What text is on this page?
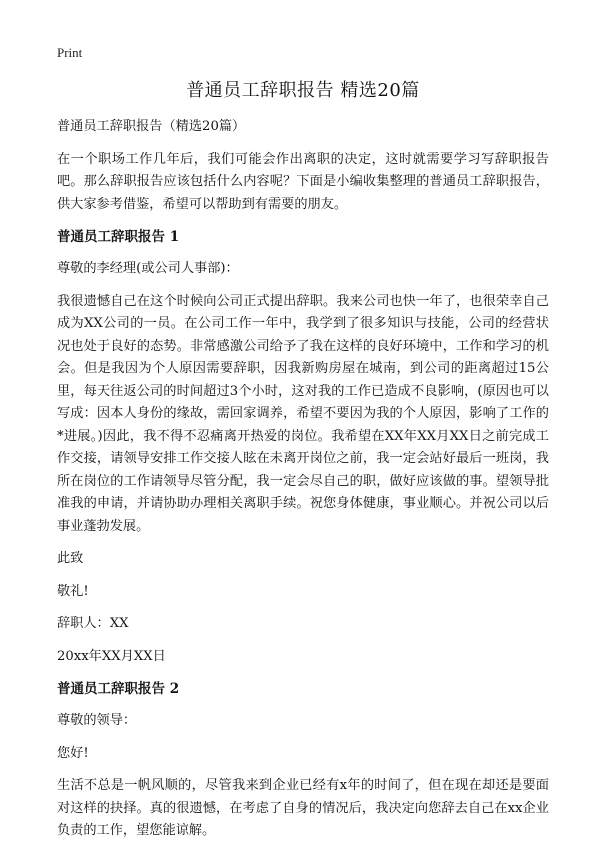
Print
普通员工辞职报告 精选20篇

普通员工辞职报告（精选20篇）

在一个职场工作几年后，我们可能会作出离职的决定，这时就需要学习写辞职报告吧。那么辞职报告应该包括什么内容呢？下面是小编收集整理的普通员工辞职报告，供大家参考借鉴，希望可以帮助到有需要的朋友。

普通员工辞职报告 1

尊敬的李经理(或公司人事部)：

我很遗憾自己在这个时候向公司正式提出辞职。我来公司也快一年了，也很荣幸自己成为XX公司的一员。在公司工作一年中，我学到了很多知识与技能，公司的经营状况也处于良好的态势。非常感激公司给予了我在这样的良好环境中，工作和学习的机会。但是我因为个人原因需要辞职，因我新购房屋在城南，到公司的距离超过15公里，每天往返公司的时间超过3个小时，这对我的工作已造成不良影响，(原因也可以写成：因本人身份的缘故，需回家调养，希望不要因为我的个人原因，影响了工作的*进展。)因此，我不得不忍痛离开热爱的岗位。我希望在XX年XX月XX日之前完成工作交接，请领导安排工作交接人眩在未离开岗位之前，我一定会站好最后一班岗，我所在岗位的工作请领导尽管分配，我一定会尽自己的职，做好应该做的事。望领导批准我的申请，并请协助办理相关离职手续。祝您身体健康，事业顺心。并祝公司以后事业蓬勃发展。

此致

敬礼!

辞职人：XX

20xx年XX月XX日

普通员工辞职报告 2

尊敬的领导：

您好!

生活不总是一帆风顺的，尽管我来到企业已经有x年的时间了，但在现在却还是要面对这样的抉择。真的很遗憾，在考虑了自身的情况后，我决定向您辞去自己在xx企业负责的工作，望您能谅解。
